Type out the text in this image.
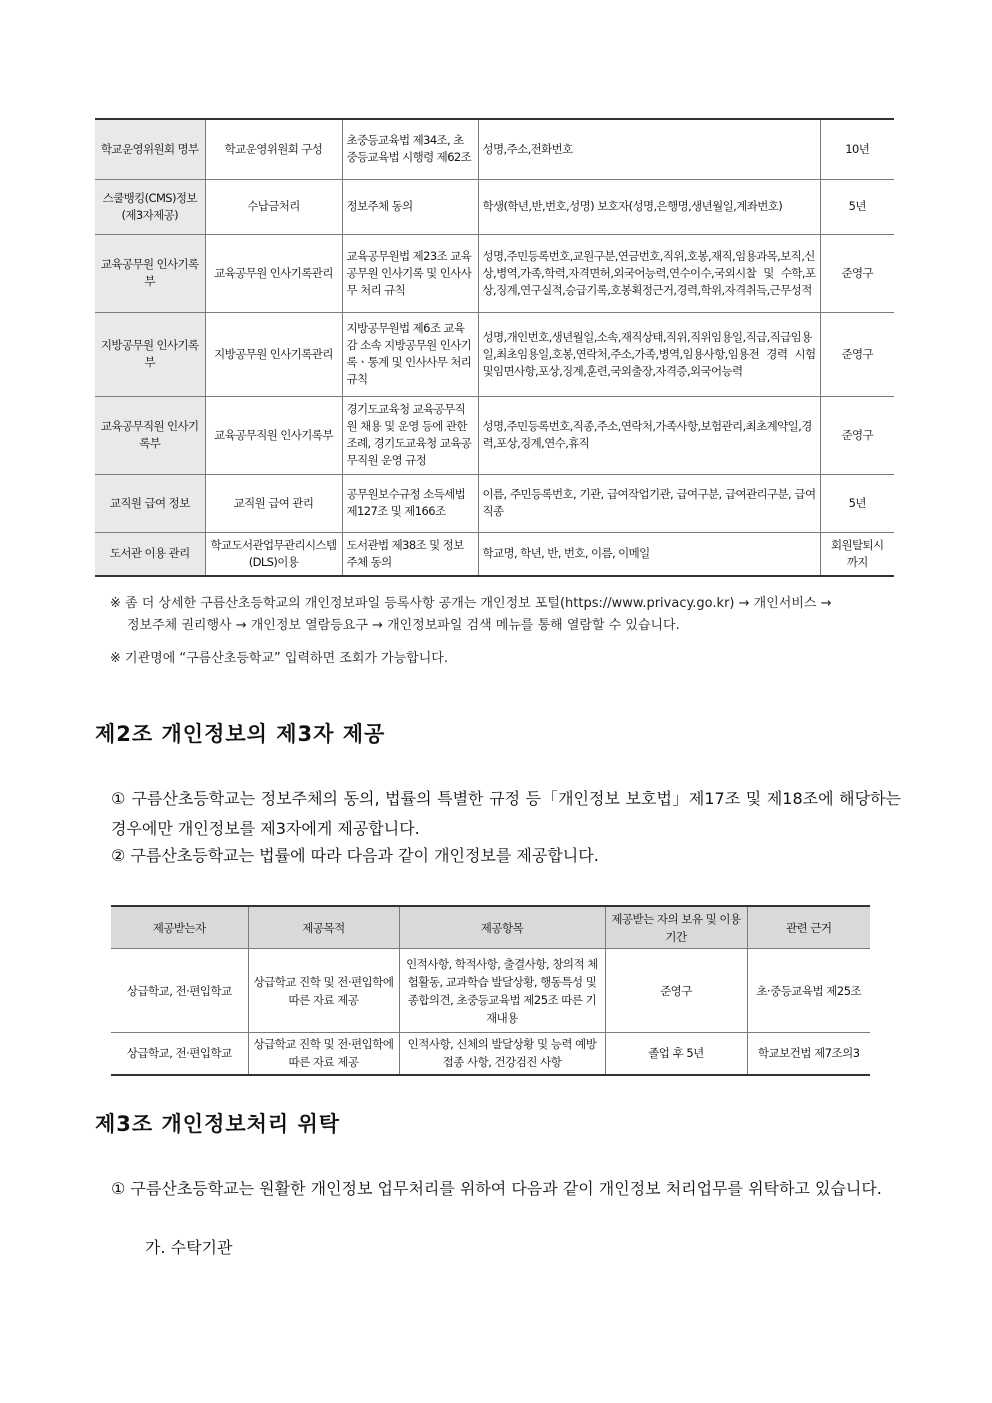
학교운영위원회 명부	학교운영위원회 구성	초중등교육법 제34조, 초중등교육법 시행령 제62조	성명,주소,전화번호	10년
스쿨뱅킹(CMS)정보 (제3자제공)	수납금처리	정보주체 동의	학생(학년,반,번호,성명) 보호자(성명,은행명,생년월일,계좌번호)	5년
교육공무원 인사기록부	교육공무원 인사기록관리	교육공무원법 제23조 교육공무원 인사기록 및 인사사무 처리 규칙	성명,주민등록번호,교원구분,연금번호,직위,호봉,재직,임용과목,보직,신상,병역,가족,학력,자격면허,외국어능력,연수이수,국외시찰 및 수학,포상,징계,연구실적,승급기록,호봉획정근거,경력,학위,자격취득,근무성적	준영구
지방공무원 인사기록부	지방공무원 인사기록관리	지방공무원법 제6조 교육감 소속 지방공무원 인사기록ㆍ통계 및 인사사무 처리 규칙	성명,개인번호,생년월일,소속,재직상태,직위,직위임용일,직급,직급임용일,최초임용일,호봉,연락처,주소,가족,병역,임용사항,임용전 경력 시험및임면사항,포상,징계,훈련,국외출장,자격증,외국어능력	준영구
교육공무직원 인사기록부	교육공무직원 인사기록부	경기도교육청 교육공무직원 채용 및 운영 등에 관한 조례, 경기도교육청 교육공무직원 운영 규정	성명,주민등록번호,직종,주소,연락처,가족사항,보험관리,최초계약일,경력,포상,징계,연수,휴직	준영구
교직원 급여 정보	교직원 급여 관리	공무원보수규정 소득세법 제127조 및 제166조	이름, 주민등록번호, 기관, 급여작업기관, 급여구분, 급여관리구분, 급여직종	5년
도서관 이용 관리	학교도서관업무관리시스템(DLS)이용	도서관법 제38조 및 정보주체 동의	학교명, 학년, 반, 번호, 이름, 이메일	회원탈퇴시 까지
※ 좀 더 상세한 구름산초등학교의 개인정보파일 등록사항 공개는 개인정보 포털(https://www.privacy.go.kr) → 개인서비스 →
정보주체 권리행사 → 개인정보 열람등요구 → 개인정보파일 검색 메뉴를 통해 열람할 수 있습니다.
※ 기관명에 “구름산초등학교” 입력하면 조회가 가능합니다.
제2조 개인정보의 제3자 제공
① 구름산초등학교는 정보주체의 동의, 법률의 특별한 규정 등「개인정보 보호법」제17조 및 제18조에 해당하는 경우에만 개인정보를 제3자에게 제공합니다.
② 구름산초등학교는 법률에 따라 다음과 같이 개인정보를 제공합니다.
제공받는자	제공목적	제공항목	제공받는 자의 보유 및 이용기간	관련 근거
상급학교, 전·편입학교	상급학교 진학 및 전·편입학에 따른 자료 제공	인적사항, 학적사항, 출결사항, 창의적 체험활동, 교과학습 발달상황, 행동특성 및 종합의견, 초중등교육법 제25조 따른 기재내용	준영구	초·중등교육법 제25조
상급학교, 전·편입학교	상급학교 진학 및 전·편입학에 따른 자료 제공	인적사항, 신체의 발달상황 및 능력 예방접종 사항, 건강검진 사항	졸업 후 5년	학교보건법 제7조의3
제3조 개인정보처리 위탁
① 구름산초등학교는 원활한 개인정보 업무처리를 위하여 다음과 같이 개인정보 처리업무를 위탁하고 있습니다.
가. 수탁기관
